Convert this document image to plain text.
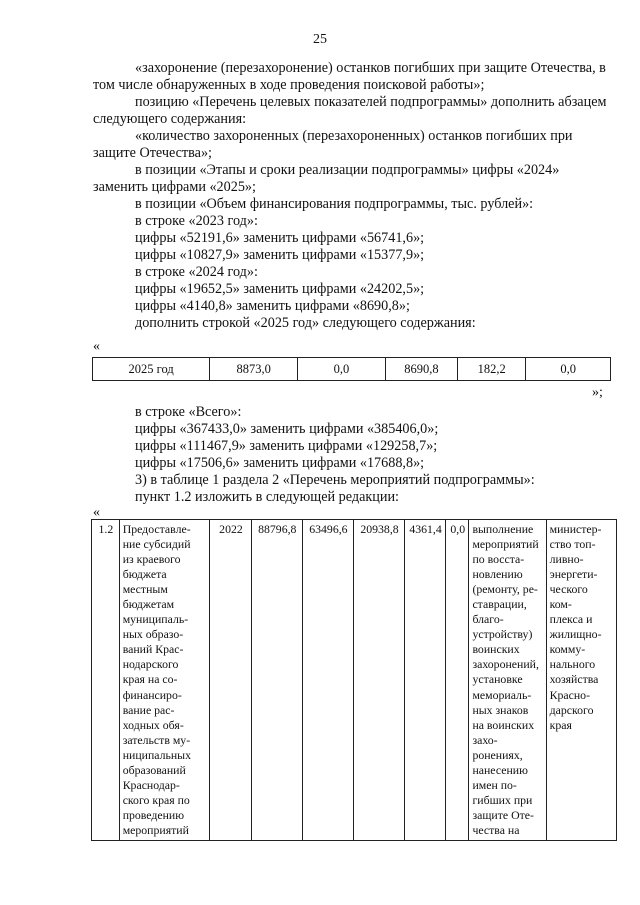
25

«захоронение (перезахоронение) останков погибших при защите Отечества, в том числе обнаруженных в ходе проведения поисковой работы»;

позицию «Перечень целевых показателей подпрограммы» дополнить абзацем следующего содержания:

«количество захороненных (перезахороненных) останков погибших при защите Отечества»;

в позиции «Этапы и сроки реализации подпрограммы» цифры «2024» заменить цифрами «2025»;

в позиции «Объем финансирования подпрограммы, тыс. рублей»:
в строке «2023 год»:
цифры «52191,6» заменить цифрами «56741,6»;
цифры «10827,9» заменить цифрами «15377,9»;
в строке «2024 год»:
цифры «19652,5» заменить цифрами «24202,5»;
цифры «4140,8» заменить цифрами «8690,8»;
дополнить строкой «2025 год» следующего содержания:
«
2025 год	8873,0	0,0	8690,8	182,2	0,0
»;
в строке «Всего»:
цифры «367433,0» заменить цифрами «385406,0»;
цифры «111467,9» заменить цифрами «129258,7»;
цифры «17506,6» заменить цифрами «17688,8»;
3) в таблице 1 раздела 2 «Перечень мероприятий подпрограммы»:
пункт 1.2 изложить в следующей редакции:
«
1.2	Предоставле-
ние субсидий
из краевого
бюджета
местным
бюджетам
муниципаль-
ных образо-
ваний Крас-
нодарского
края на со-
финансиро-
вание рас-
ходных обя-
зательств му-
ниципальных
образований
Краснодар-
ского края по
проведению
мероприятий	2022	88796,8	63496,6	20938,8	4361,4	0,0	выполнение
мероприятий
по восста-
новлению
(ремонту, ре-
ставрации,
благо-
устройству)
воинских
захоронений,
установке
мемориаль-
ных знаков
на воинских
захо-
ронениях,
нанесению
имен по-
гибших при
защите Оте-
чества на	министер-
ство топ-
ливно-
энергети-
ческого
ком-
плекса и
жилищно-
комму-
нального
хозяйства
Красно-
дарского
края
